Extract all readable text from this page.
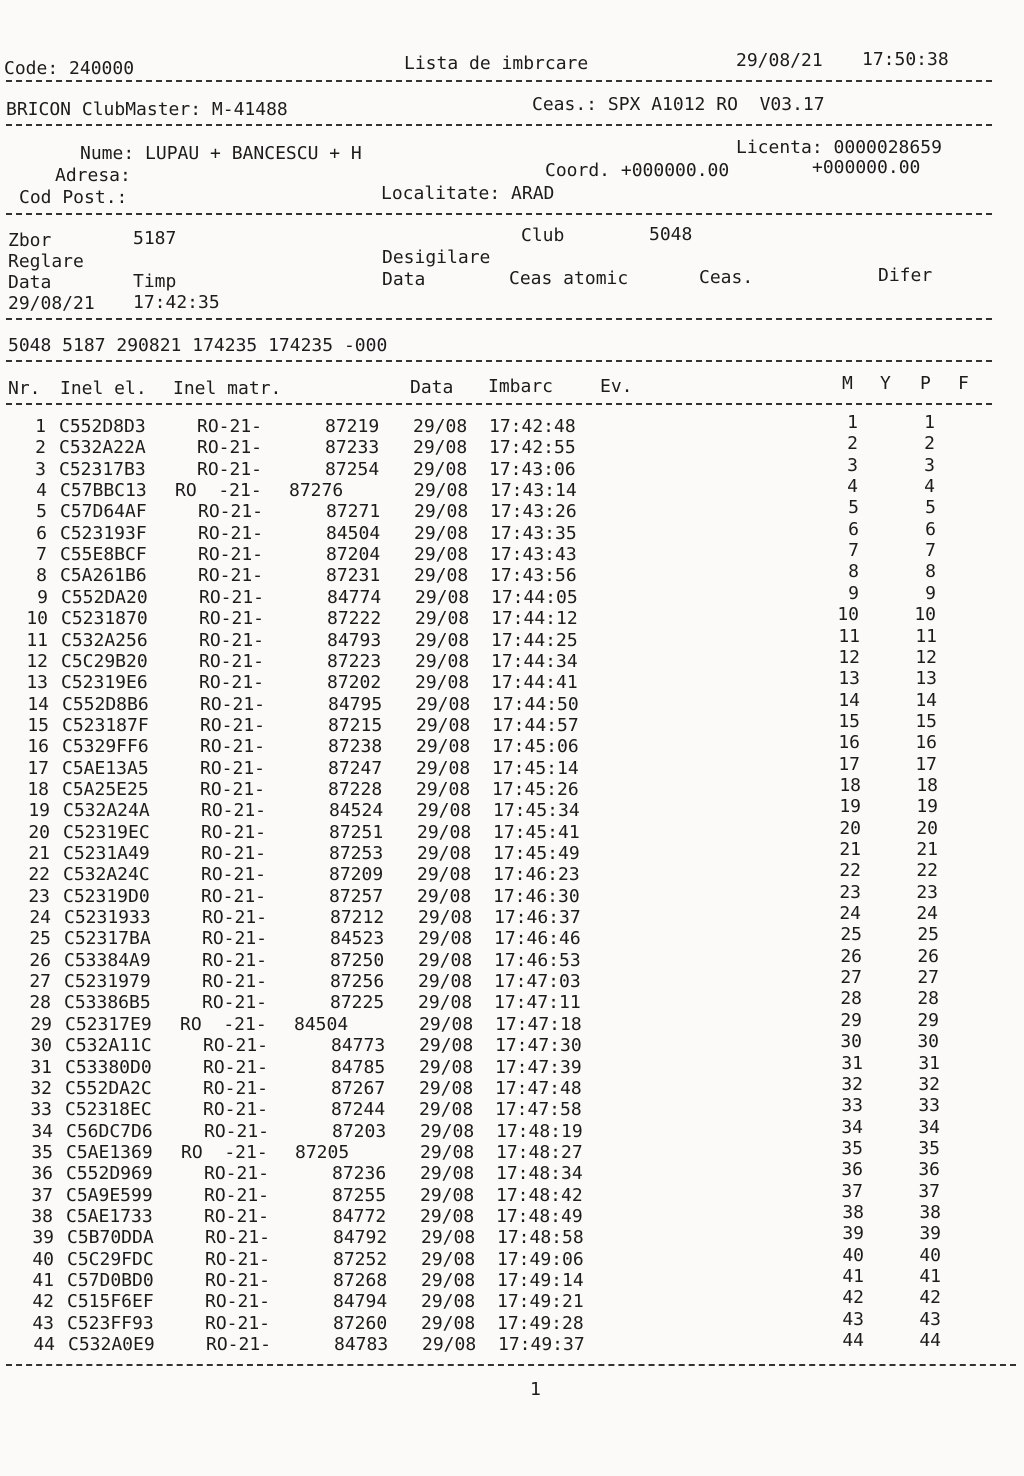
Code: 240000	Lista de imbrcare	29/08/21 17:50:38
BRICON ClubMaster: M-41488	Ceas.: SPX A1012 RO  V03.17
Nume: LUPAU + BANCESCU + H	Licenta: 0000028659
Adresa:	Coord. +000000.00	+000000.00
Cod Post.:	Localitate: ARAD
Zbor	5187	Club	5048
Reglare	Desigilare
Data	Timp	Data	Ceas atomic	Ceas.	Difer
29/08/21 17:42:35
5048 5187 290821 174235 174235 -000
Nr. Inel el. Inel matr.	Data Imbarc	Ev.	M Y P F
1 C552D8D3	RO-21-	87219 29/08 17:42:48	1	1
2 C532A22A	RO-21-	87233 29/08 17:42:55	2	2
3 C52317B3	RO-21-	87254 29/08 17:43:06	3	3
4 C57BBC13 RO  -21- 87276	29/08 17:43:14	4	4
5 C57D64AF	RO-21-	87271 29/08 17:43:26	5	5
6 C523193F	RO-21-	84504 29/08 17:43:35	6	6
7 C55E8BCF	RO-21-	87204 29/08 17:43:43	7	7
8 C5A261B6	RO-21-	87231 29/08 17:43:56	8	8
9 C552DA20	RO-21-	84774 29/08 17:44:05	9	9
10 C5231870	RO-21-	87222 29/08 17:44:12	10	10
11 C532A256	RO-21-	84793 29/08 17:44:25	11	11
12 C5C29B20	RO-21-	87223 29/08 17:44:34	12	12
13 C52319E6	RO-21-	87202 29/08 17:44:41	13	13
14 C552D8B6	RO-21-	84795 29/08 17:44:50	14	14
15 C523187F	RO-21-	87215 29/08 17:44:57	15	15
16 C5329FF6	RO-21-	87238 29/08 17:45:06	16	16
17 C5AE13A5	RO-21-	87247 29/08 17:45:14	17	17
18 C5A25E25	RO-21-	87228 29/08 17:45:26	18	18
19 C532A24A	RO-21-	84524 29/08 17:45:34	19	19
20 C52319EC	RO-21-	87251 29/08 17:45:41	20	20
21 C5231A49	RO-21-	87253 29/08 17:45:49	21	21
22 C532A24C	RO-21-	87209 29/08 17:46:23	22	22
23 C52319D0	RO-21-	87257 29/08 17:46:30	23	23
24 C5231933	RO-21-	87212 29/08 17:46:37	24	24
25 C52317BA	RO-21-	84523 29/08 17:46:46	25	25
26 C53384A9	RO-21-	87250 29/08 17:46:53	26	26
27 C5231979	RO-21-	87256 29/08 17:47:03	27	27
28 C53386B5	RO-21-	87225 29/08 17:47:11	28	28
29 C52317E9 RO  -21- 84504	29/08 17:47:18	29	29
30 C532A11C	RO-21-	84773 29/08 17:47:30	30	30
31 C53380D0	RO-21-	84785 29/08 17:47:39	31	31
32 C552DA2C	RO-21-	87267 29/08 17:47:48	32	32
33 C52318EC	RO-21-	87244 29/08 17:47:58	33	33
34 C56DC7D6	RO-21-	87203 29/08 17:48:19	34	34
35 C5AE1369 RO  -21- 87205	29/08 17:48:27	35	35
36 C552D969	RO-21-	87236 29/08 17:48:34	36	36
37 C5A9E599	RO-21-	87255 29/08 17:48:42	37	37
38 C5AE1733	RO-21-	84772 29/08 17:48:49	38	38
39 C5B70DDA	RO-21-	84792 29/08 17:48:58	39	39
40 C5C29FDC	RO-21-	87252 29/08 17:49:06	40	40
41 C57D0BD0	RO-21-	87268 29/08 17:49:14	41	41
42 C515F6EF	RO-21-	84794 29/08 17:49:21	42	42
43 C523FF93	RO-21-	87260 29/08 17:49:28	43	43
44 C532A0E9	RO-21-	84783 29/08 17:49:37	44	44
1
